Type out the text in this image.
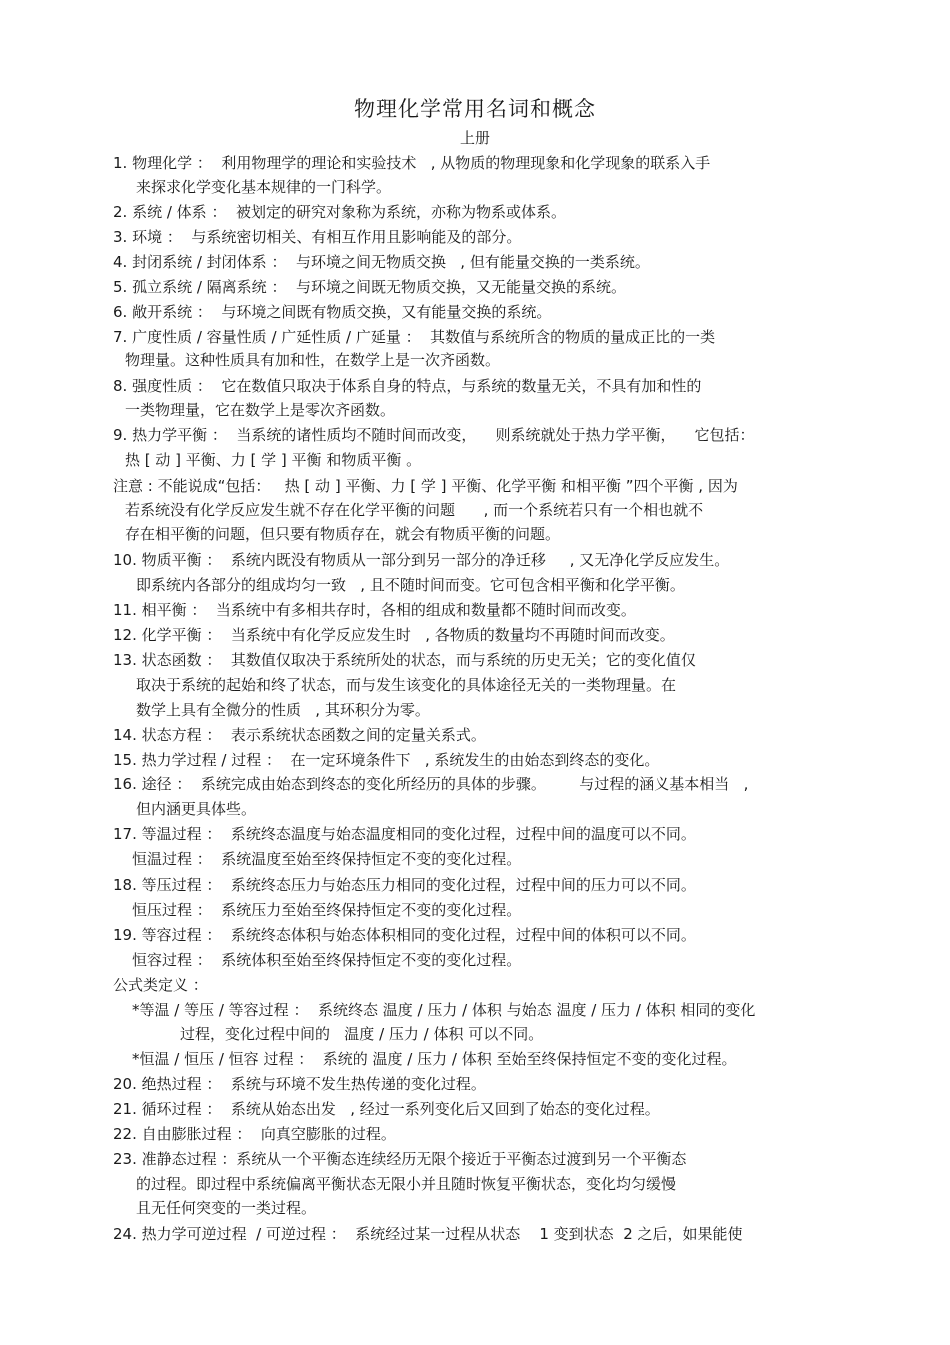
物理化学常用名词和概念
上册
1. 物理化学 ：  利用物理学的理论和实验技术   , 从物质的物理现象和化学现象的联系入手
来探求化学变化基本规律的一门科学。
2. 系统 / 体系 ：  被划定的研究对象称为系统，亦称为物系或体系。
3. 环境 ：  与系统密切相关、有相互作用且影响能及的部分。
4. 封闭系统 / 封闭体系 ：  与环境之间无物质交换   , 但有能量交换的一类系统。
5. 孤立系统 / 隔离系统 ：  与环境之间既无物质交换，又无能量交换的系统。
6. 敞开系统 ：  与环境之间既有物质交换，又有能量交换的系统。
7. 广度性质 / 容量性质 / 广延性质 / 广延量 ：  其数值与系统所含的物质的量成正比的一类
物理量。这种性质具有加和性，在数学上是一次齐函数。
8. 强度性质 ：  它在数值只取决于体系自身的特点，与系统的数量无关，不具有加和性的
一类物理量，它在数学上是零次齐函数。
9. 热力学平衡 ：  当系统的诸性质均不随时间而改变，    则系统就处于热力学平衡，    它包括：
热 [ 动 ] 平衡、力 [ 学 ] 平衡 和物质平衡 。
注意 : 不能说成“包括：   热 [ 动 ] 平衡、力 [ 学 ] 平衡、化学平衡 和相平衡 ”四个平衡 , 因为
若系统没有化学反应发生就不存在化学平衡的问题      , 而一个系统若只有一个相也就不
存在相平衡的问题，但只要有物质存在，就会有物质平衡的问题。
10. 物质平衡 ：  系统内既没有物质从一部分到另一部分的净迁移     , 又无净化学反应发生。
即系统内各部分的组成均匀一致   , 且不随时间而变。它可包含相平衡和化学平衡。
11. 相平衡 ：  当系统中有多相共存时，各相的组成和数量都不随时间而改变。
12. 化学平衡 ：  当系统中有化学反应发生时   , 各物质的数量均不再随时间而改变。
13. 状态函数 ：  其数值仅取决于系统所处的状态，而与系统的历史无关；它的变化值仅
取决于系统的起始和终了状态，而与发生该变化的具体途径无关的一类物理量。在
数学上具有全微分的性质   , 其环积分为零。
14. 状态方程 ：  表示系统状态函数之间的定量关系式。
15. 热力学过程 / 过程 ：  在一定环境条件下   , 系统发生的由始态到终态的变化。
16. 途径 ：  系统完成由始态到终态的变化所经历的具体的步骤。       与过程的涵义基本相当   ,
但内涵更具体些。
17. 等温过程 ：  系统终态温度与始态温度相同的变化过程，过程中间的温度可以不同。
恒温过程 ：  系统温度至始至终保持恒定不变的变化过程。
18. 等压过程 ：  系统终态压力与始态压力相同的变化过程，过程中间的压力可以不同。
恒压过程 ：  系统压力至始至终保持恒定不变的变化过程。
19. 等容过程 ：  系统终态体积与始态体积相同的变化过程，过程中间的体积可以不同。
恒容过程 ：  系统体积至始至终保持恒定不变的变化过程。
公式类定义 ：
*等温 / 等压 / 等容过程 ：  系统终态 温度 / 压力 / 体积 与始态 温度 / 压力 / 体积 相同的变化
过程，变化过程中间的   温度 / 压力 / 体积 可以不同。
*恒温 / 恒压 / 恒容 过程 ：  系统的 温度 / 压力 / 体积 至始至终保持恒定不变的变化过程。
20. 绝热过程 ：  系统与环境不发生热传递的变化过程。
21. 循环过程 ：  系统从始态出发   , 经过一系列变化后又回到了始态的变化过程。
22. 自由膨胀过程 ：  向真空膨胀的过程。
23. 准静态过程 ：系统从一个平衡态连续经历无限个接近于平衡态过渡到另一个平衡态
的过程。即过程中系统偏离平衡状态无限小并且随时恢复平衡状态，变化均匀缓慢
且无任何突变的一类过程。
24. 热力学可逆过程  / 可逆过程 ：  系统经过某一过程从状态    1 变到状态  2 之后，如果能使
